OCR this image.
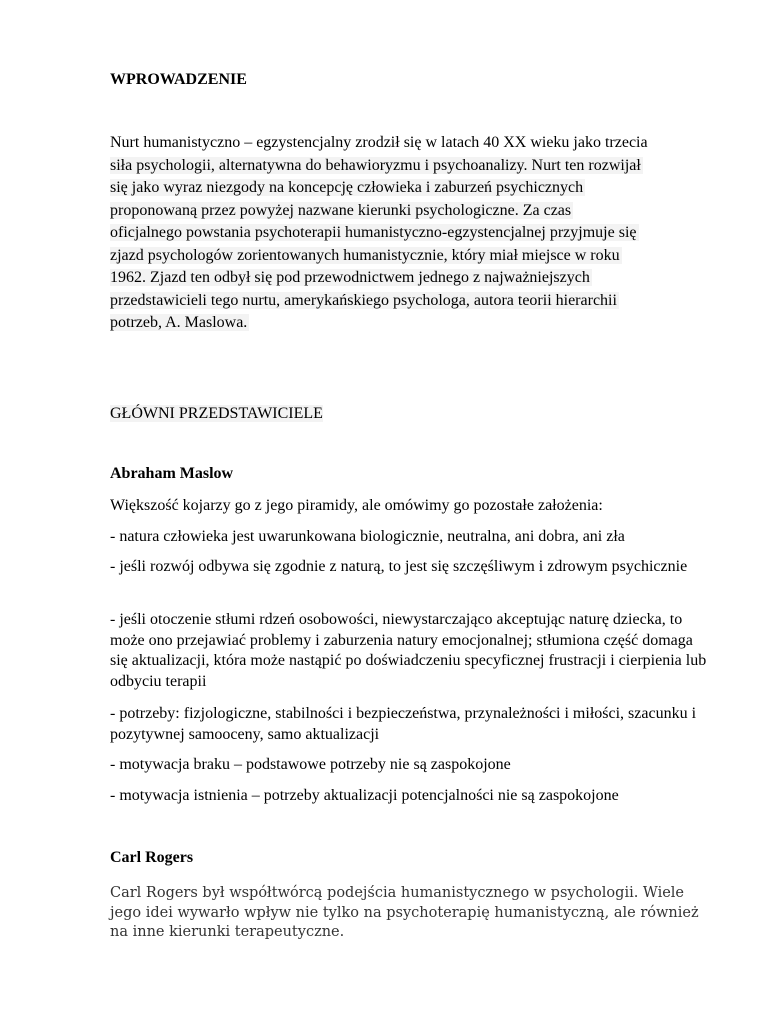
WPROWADZENIE
Nurt humanistyczno – egzystencjalny zrodził się w latach 40 XX wieku jako trzecia
siła psychologii, alternatywna do behawioryzmu i psychoanalizy. Nurt ten rozwijał
się jako wyraz niezgody na koncepcję człowieka i zaburzeń psychicznych
proponowaną przez powyżej nazwane kierunki psychologiczne. Za czas
oficjalnego powstania psychoterapii humanistyczno-egzystencjalnej przyjmuje się
zjazd psychologów zorientowanych humanistycznie, który miał miejsce w roku
1962. Zjazd ten odbył się pod przewodnictwem jednego z najważniejszych
przedstawicieli tego nurtu, amerykańskiego psychologa, autora teorii hierarchii
potrzeb, A. Maslowa.
GŁÓWNI PRZEDSTAWICIELE
Abraham Maslow

Większość kojarzy go z jego piramidy, ale omówimy go pozostałe założenia:

- natura człowieka jest uwarunkowana biologicznie, neutralna, ani dobra, ani zła

- jeśli rozwój odbywa się zgodnie z naturą, to jest się szczęśliwym i zdrowym psychicznie

- jeśli otoczenie stłumi rdzeń osobowości, niewystarczająco akceptując naturę dziecka, to może ono przejawiać problemy i zaburzenia natury emocjonalnej; stłumiona część domaga się aktualizacji, która może nastąpić po doświadczeniu specyficznej frustracji i cierpienia lub odbyciu terapii

- potrzeby: fizjologiczne, stabilności i bezpieczeństwa, przynależności i miłości, szacunku i pozytywnej samooceny, samo aktualizacji

- motywacja braku – podstawowe potrzeby nie są zaspokojone

- motywacja istnienia – potrzeby aktualizacji potencjalności nie są zaspokojone

Carl Rogers

Carl Rogers był współtwórcą podejścia humanistycznego w psychologii. Wiele jego idei wywarło wpływ nie tylko na psychoterapię humanistyczną, ale również na inne kierunki terapeutyczne.
